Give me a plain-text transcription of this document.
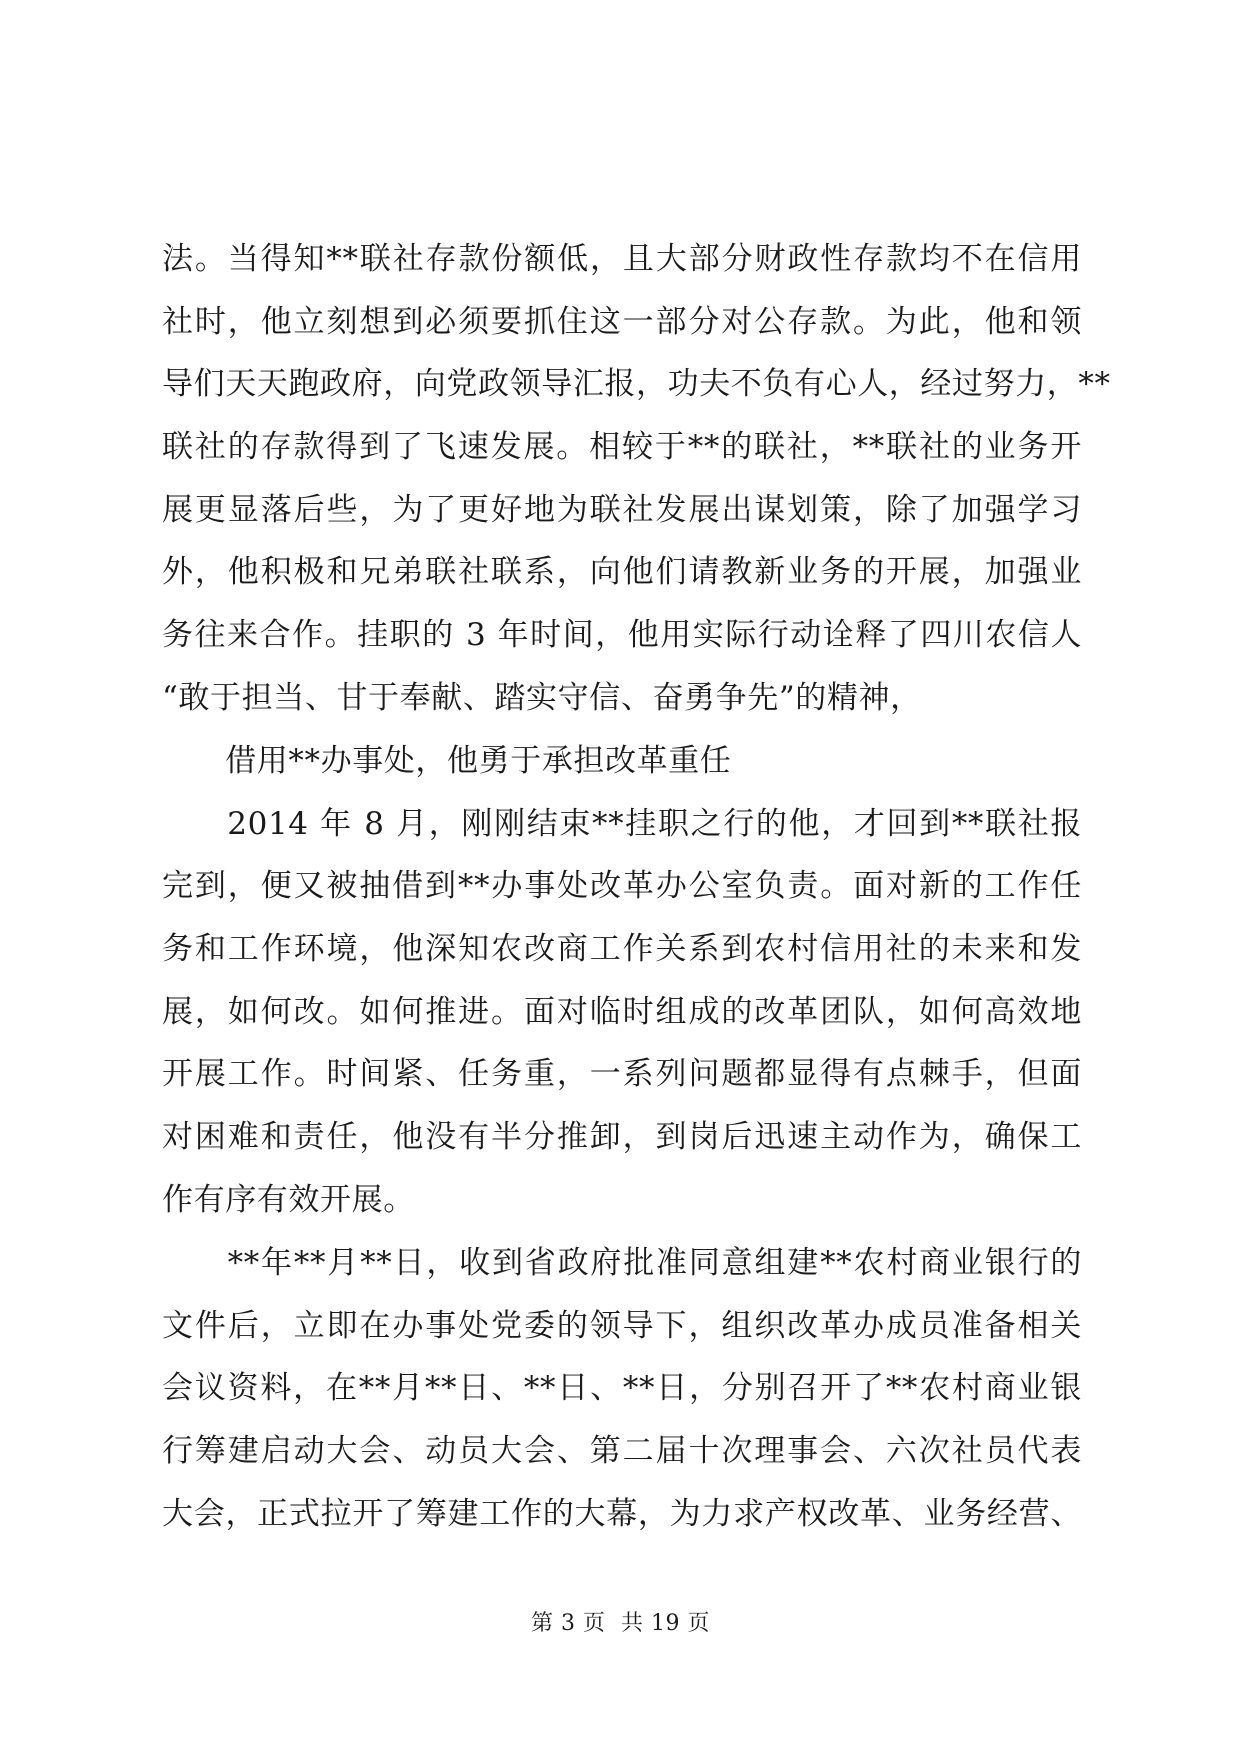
法。当得知**联社存款份额低，且大部分财政性存款均不在信用
社时，他立刻想到必须要抓住这一部分对公存款。为此，他和领
导们天天跑政府，向党政领导汇报，功夫不负有心人，经过努力，**
联社的存款得到了飞速发展。相较于**的联社，**联社的业务开
展更显落后些，为了更好地为联社发展出谋划策，除了加强学习
外，他积极和兄弟联社联系，向他们请教新业务的开展，加强业
务往来合作。挂职的 3 年时间，他用实际行动诠释了四川农信人
“敢于担当、甘于奉献、踏实守信、奋勇争先”的精神，
　　借用**办事处，他勇于承担改革重任
　　2014 年 8 月，刚刚结束**挂职之行的他，才回到**联社报
完到，便又被抽借到**办事处改革办公室负责。面对新的工作任
务和工作环境，他深知农改商工作关系到农村信用社的未来和发
展，如何改。如何推进。面对临时组成的改革团队，如何高效地
开展工作。时间紧、任务重，一系列问题都显得有点棘手，但面
对困难和责任，他没有半分推卸，到岗后迅速主动作为，确保工
作有序有效开展。
　　**年**月**日，收到省政府批准同意组建**农村商业银行的
文件后，立即在办事处党委的领导下，组织改革办成员准备相关
会议资料，在**月**日、**日、**日，分别召开了**农村商业银
行筹建启动大会、动员大会、第二届十次理事会、六次社员代表
大会，正式拉开了筹建工作的大幕，为力求产权改革、业务经营、
第 3 页 共 19 页
